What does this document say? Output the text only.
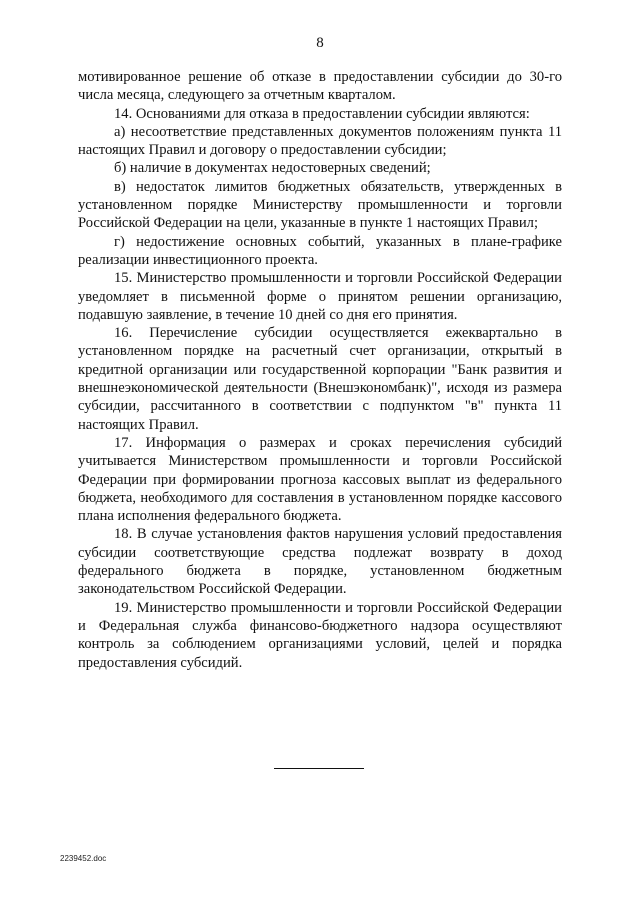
8

мотивированное решение об отказе в предоставлении субсидии до 30-го числа месяца, следующего за отчетным кварталом.

14. Основаниями для отказа в предоставлении субсидии являются:

а) несоответствие представленных документов положениям пункта 11 настоящих Правил и договору о предоставлении субсидии;

б) наличие в документах недостоверных сведений;

в) недостаток лимитов бюджетных обязательств, утвержденных в установленном порядке Министерству промышленности и торговли Российской Федерации на цели, указанные в пункте 1 настоящих Правил;

г) недостижение основных событий, указанных в плане-графике реализации инвестиционного проекта.

15. Министерство промышленности и торговли Российской Федерации уведомляет в письменной форме о принятом решении организацию, подавшую заявление, в течение 10 дней со дня его принятия.

16. Перечисление субсидии осуществляется ежеквартально в установленном порядке на расчетный счет организации, открытый в кредитной организации или государственной корпорации "Банк развития и внешнеэкономической деятельности (Внешэкономбанк)", исходя из размера субсидии, рассчитанного в соответствии с подпунктом "в" пункта 11 настоящих Правил.

17. Информация о размерах и сроках перечисления субсидий учитывается Министерством промышленности и торговли Российской Федерации при формировании прогноза кассовых выплат из федерального бюджета, необходимого для составления в установленном порядке кассового плана исполнения федерального бюджета.

18. В случае установления фактов нарушения условий предоставления субсидии соответствующие средства подлежат возврату в доход федерального бюджета в порядке, установленном бюджетным законодательством Российской Федерации.

19. Министерство промышленности и торговли Российской Федерации и Федеральная служба финансово-бюджетного надзора осуществляют контроль за соблюдением организациями условий, целей и порядка предоставления субсидий.

2239452.doc
